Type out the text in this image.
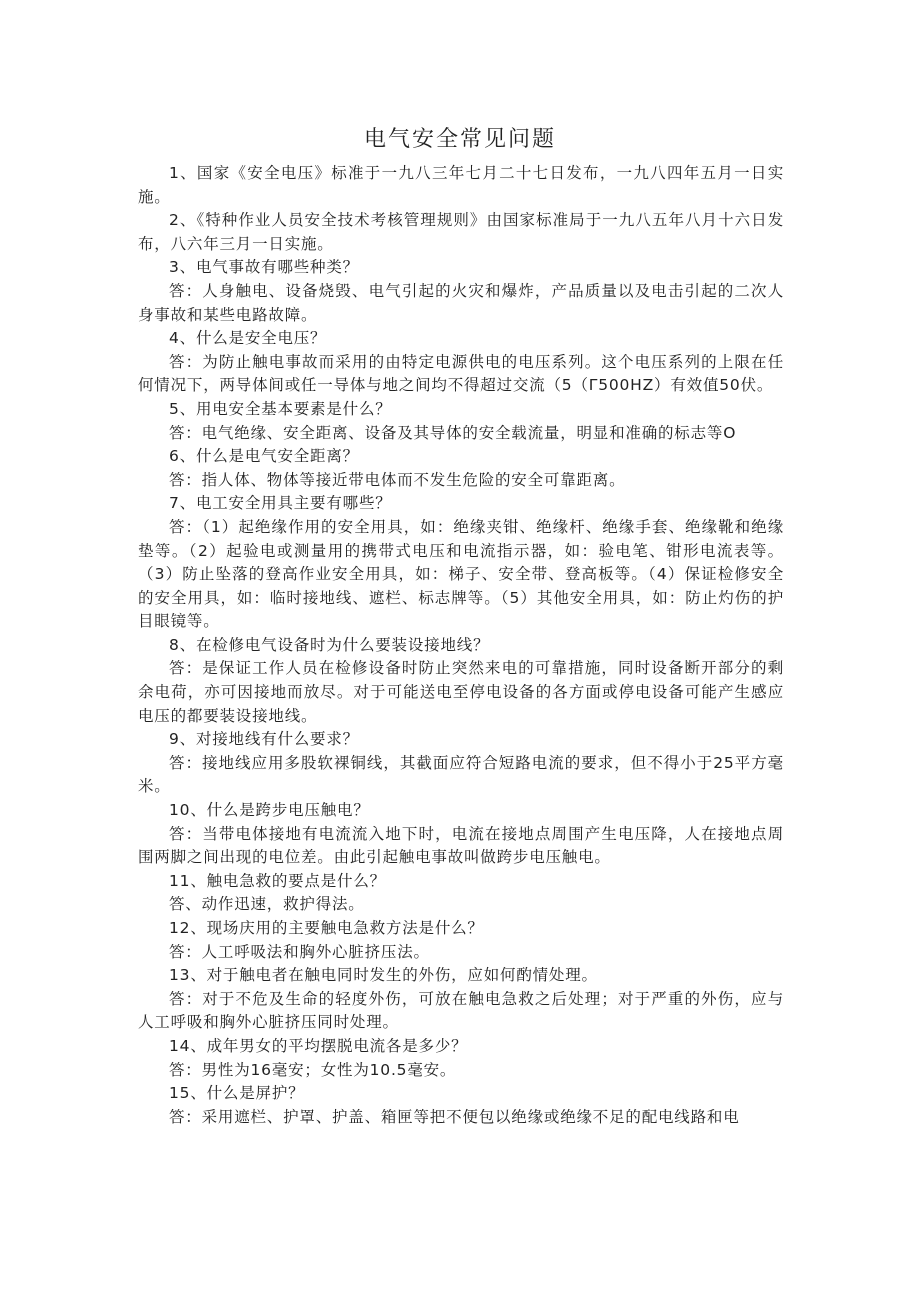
电气安全常见问题

1、国家《安全电压》标准于一九八三年七月二十七日发布，一九八四年五月一日实施。

2、《特种作业人员安全技术考核管理规则》由国家标准局于一九八五年八月十六日发布，八六年三月一日实施。

3、电气事故有哪些种类？

答：人身触电、设备烧毁、电气引起的火灾和爆炸，产品质量以及电击引起的二次人身事故和某些电路故障。

4、什么是安全电压？

答：为防止触电事故而采用的由特定电源供电的电压系列。这个电压系列的上限在任何情况下，两导体间或任一导体与地之间均不得超过交流（5（Γ500HZ）有效值50伏。

5、用电安全基本要素是什么？

答：电气绝缘、安全距离、设备及其导体的安全载流量，明显和准确的标志等O

6、什么是电气安全距离？

答：指人体、物体等接近带电体而不发生危险的安全可靠距离。

7、电工安全用具主要有哪些？

答：（1）起绝缘作用的安全用具，如：绝缘夹钳、绝缘杆、绝缘手套、绝缘靴和绝缘垫等。（2）起验电或测量用的携带式电压和电流指示器，如：验电笔、钳形电流表等。（3）防止坠落的登高作业安全用具，如：梯子、安全带、登高板等。（4）保证检修安全的安全用具，如：临时接地线、遮栏、标志牌等。（5）其他安全用具，如：防止灼伤的护目眼镜等。

8、在检修电气设备时为什么要装设接地线？

答：是保证工作人员在检修设备时防止突然来电的可靠措施，同时设备断开部分的剩余电荷，亦可因接地而放尽。对于可能送电至停电设备的各方面或停电设备可能产生感应电压的都要装设接地线。

9、对接地线有什么要求？

答：接地线应用多股软裸铜线，其截面应符合短路电流的要求，但不得小于25平方毫米。

10、什么是跨步电压触电？

答：当带电体接地有电流流入地下时，电流在接地点周围产生电压降，人在接地点周围两脚之间出现的电位差。由此引起触电事故叫做跨步电压触电。

11、触电急救的要点是什么？

答、动作迅速，救护得法。

12、现场庆用的主要触电急救方法是什么？

答：人工呼吸法和胸外心脏挤压法。

13、对于触电者在触电同时发生的外伤，应如何酌情处理。

答：对于不危及生命的轻度外伤，可放在触电急救之后处理；对于严重的外伤，应与人工呼吸和胸外心脏挤压同时处理。

14、成年男女的平均摆脱电流各是多少？

答：男性为16毫安；女性为10.5毫安。

15、什么是屏护？

答：采用遮栏、护罩、护盖、箱匣等把不便包以绝缘或绝缘不足的配电线路和电
